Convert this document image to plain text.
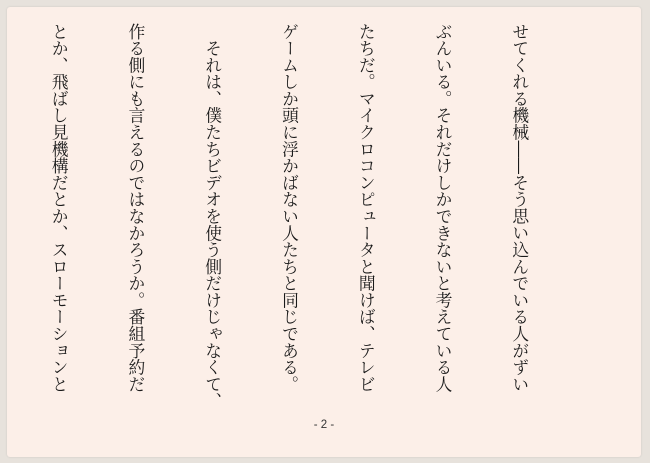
せてくれる機械――そう思い込んでいる人がずい

ぶんいる。それだけしかできないと考えている人

たちだ。マイクロコンピュータと聞けば、テレビ

ゲームしか頭に浮かばない人たちと同じである。

　それは、僕たちビデオを使う側だけじゃなくて、

作る側にも言えるのではなかろうか。番組予約だ

とか、飛ばし見機構だとか、スローモーションと

- 2 -
